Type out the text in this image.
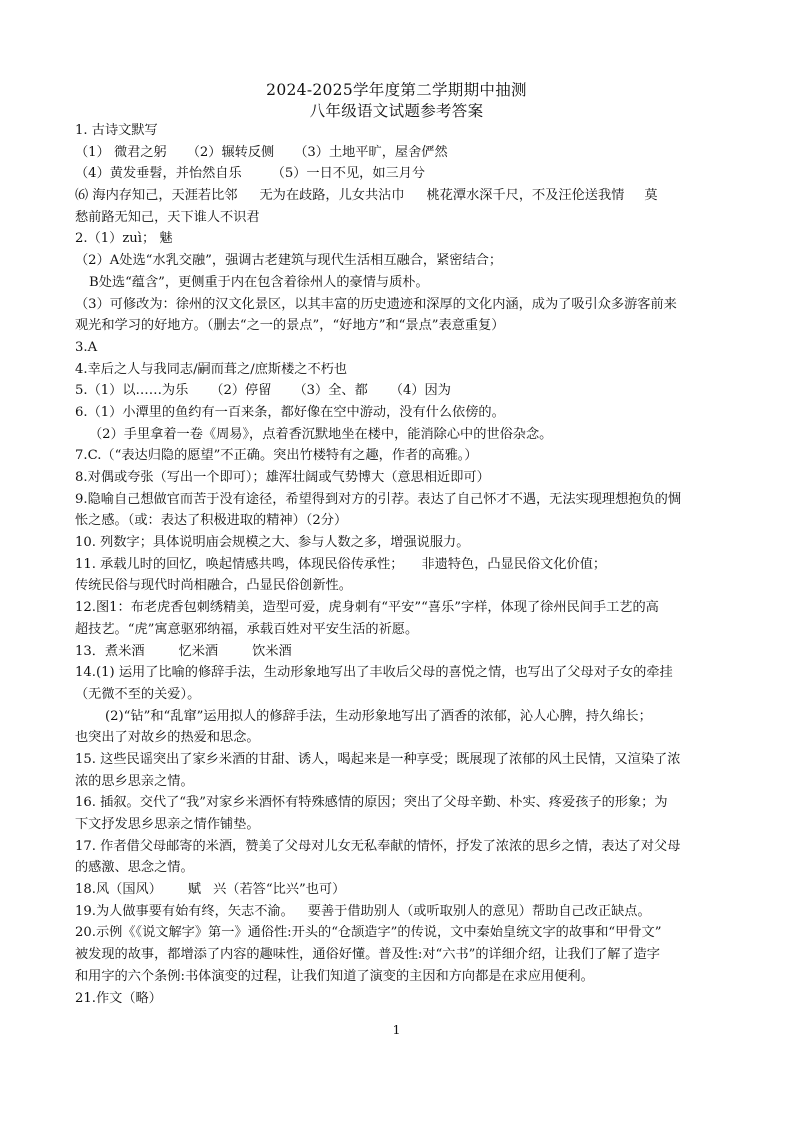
2024-2025学年度第二学期期中抽测
八年级语文试题参考答案
1. 古诗文默写
（1） 微君之躬 （2）辗转反侧 （3）土地平旷，屋舍俨然
（4）黄发垂髫，并怡然自乐 （5）一日不见，如三月兮
⑹ 海内存知己，天涯若比邻 无为在歧路，儿女共沾巾 桃花潭水深千尺，不及汪伦送我情 莫
愁前路无知己，天下谁人不识君
2.（1）zuì； 魅
（2）A处选“水乳交融”，强调古老建筑与现代生活相互融合，紧密结合；
B处选“蕴含”，更侧重于内在包含着徐州人的豪情与质朴。
（3）可修改为：徐州的汉文化景区，以其丰富的历史遗迹和深厚的文化内涵，成为了吸引众多游客前来
观光和学习的好地方。（删去“之一的景点”，“好地方”和“景点”表意重复）
3.A
4.幸后之人与我同志/嗣而葺之/庶斯楼之不朽也
5.（1）以……为乐 （2）停留 （3）全、都 （4）因为
6.（1）小潭里的鱼约有一百来条，都好像在空中游动，没有什么依傍的。
（2）手里拿着一卷《周易》，点着香沉默地坐在楼中，能消除心中的世俗杂念。
7.C.（“表达归隐的愿望”不正确。突出竹楼特有之趣，作者的高雅。）
8.对偶或夸张（写出一个即可）；雄浑壮阔或气势博大（意思相近即可）
9.隐喻自己想做官而苦于没有途径，希望得到对方的引荐。表达了自己怀才不遇，无法实现理想抱负的惆
怅之感。（或：表达了积极进取的精神）（2分）
10. 列数字；具体说明庙会规模之大、参与人数之多，增强说服力。
11. 承载儿时的回忆，唤起情感共鸣，体现民俗传承性； 非遗特色，凸显民俗文化价值；
传统民俗与现代时尚相融合，凸显民俗创新性。
12.图1：布老虎香包刺绣精美，造型可爱，虎身刺有“平安”“喜乐”字样，体现了徐州民间手工艺的高
超技艺。“虎”寓意驱邪纳福，承载百姓对平安生活的祈愿。
13．煮米酒	忆米酒	饮米酒
14.(1) 运用了比喻的修辞手法，生动形象地写出了丰收后父母的喜悦之情，也写出了父母对子女的牵挂
（无微不至的关爱）。
(2)“钻”和“乱窜”运用拟人的修辞手法，生动形象地写出了酒香的浓郁，沁人心脾，持久绵长；
也突出了对故乡的热爱和思念。
15. 这些民谣突出了家乡米酒的甘甜、诱人，喝起来是一种享受；既展现了浓郁的风土民情，又渲染了浓
浓的思乡思亲之情。
16. 插叙。交代了“我”对家乡米酒怀有特殊感情的原因；突出了父母辛勤、朴实、疼爱孩子的形象；为
下文抒发思乡思亲之情作铺垫。
17. 作者借父母邮寄的米酒，赞美了父母对儿女无私奉献的情怀，抒发了浓浓的思乡之情，表达了对父母
的感激、思念之情。
18.风（国风） 赋 兴（若答“比兴”也可）
19.为人做事要有始有终，矢志不渝。 要善于借助别人（或听取别人的意见）帮助自己改正缺点。
20.示例《《说文解字》第一》通俗性:开头的“仓颉造字”的传说，文中秦始皇统文字的故事和“甲骨文”
被发现的故事，都增添了内容的趣味性，通俗好懂。普及性:对“六书”的详细介绍，让我们了解了造字
和用字的六个条例:书体演变的过程，让我们知道了演变的主因和方向都是在求应用便利。
21.作文（略）
1
